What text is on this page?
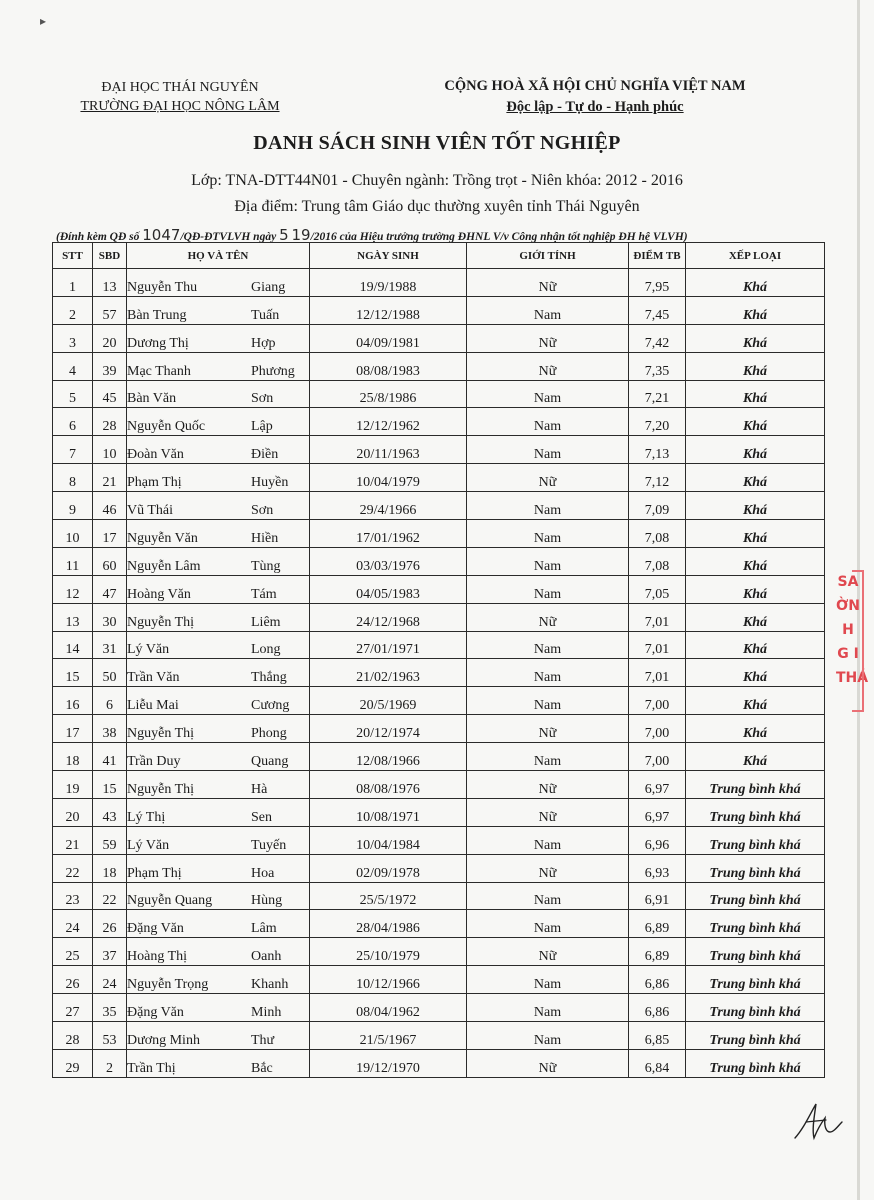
▸
ĐẠI HỌC THÁI NGUYÊN
TRƯỜNG ĐẠI HỌC NÔNG LÂM
CỘNG HOÀ XÃ HỘI CHỦ NGHĨA VIỆT NAM
Độc lập - Tự do - Hạnh phúc
DANH SÁCH SINH VIÊN TỐT NGHIỆP
Lớp: TNA-DTT44N01 - Chuyên ngành: Trồng trọt - Niên khóa: 2012 - 2016
Địa điểm: Trung tâm Giáo dục thường xuyên tỉnh Thái Nguyên
(Đính kèm QĐ số 1047/QĐ-ĐTVLVH ngày 5 19/2016 của Hiệu trưởng trường ĐHNL V/v Công nhận tốt nghiệp ĐH hệ VLVH)
STT	SBD	HỌ VÀ TÊN	NGÀY SINH	GIỚI TÍNH	ĐIỂM TB	XẾP LOẠI
1	13	Nguyễn Thu Giang	19/9/1988	Nữ	7,95	Khá
2	57	Bàn Trung Tuấn	12/12/1988	Nam	7,45	Khá
3	20	Dương Thị Hợp	04/09/1981	Nữ	7,42	Khá
4	39	Mạc Thanh Phương	08/08/1983	Nữ	7,35	Khá
5	45	Bàn Văn Sơn	25/8/1986	Nam	7,21	Khá
6	28	Nguyễn Quốc Lập	12/12/1962	Nam	7,20	Khá
7	10	Đoàn Văn Điền	20/11/1963	Nam	7,13	Khá
8	21	Phạm Thị Huyền	10/04/1979	Nữ	7,12	Khá
9	46	Vũ Thái Sơn	29/4/1966	Nam	7,09	Khá
10	17	Nguyễn Văn Hiền	17/01/1962	Nam	7,08	Khá
11	60	Nguyễn Lâm Tùng	03/03/1976	Nam	7,08	Khá
12	47	Hoàng Văn Tám	04/05/1983	Nam	7,05	Khá
13	30	Nguyễn Thị Liêm	24/12/1968	Nữ	7,01	Khá
14	31	Lý Văn Long	27/01/1971	Nam	7,01	Khá
15	50	Trần Văn Thắng	21/02/1963	Nam	7,01	Khá
16	6	Liễu Mai Cương	20/5/1969	Nam	7,00	Khá
17	38	Nguyễn Thị Phong	20/12/1974	Nữ	7,00	Khá
18	41	Trần Duy Quang	12/08/1966	Nam	7,00	Khá
19	15	Nguyễn Thị Hà	08/08/1976	Nữ	6,97	Trung bình khá
20	43	Lý Thị Sen	10/08/1971	Nữ	6,97	Trung bình khá
21	59	Lý Văn Tuyến	10/04/1984	Nam	6,96	Trung bình khá
22	18	Phạm Thị Hoa	02/09/1978	Nữ	6,93	Trung bình khá
23	22	Nguyễn Quang Hùng	25/5/1972	Nam	6,91	Trung bình khá
24	26	Đặng Văn Lâm	28/04/1986	Nam	6,89	Trung bình khá
25	37	Hoàng Thị Oanh	25/10/1979	Nữ	6,89	Trung bình khá
26	24	Nguyễn Trọng Khanh	10/12/1966	Nam	6,86	Trung bình khá
27	35	Đặng Văn Minh	08/04/1962	Nam	6,86	Trung bình khá
28	53	Dương Minh Thư	21/5/1967	Nam	6,85	Trung bình khá
29	2	Trần Thị Bắc	19/12/1970	Nữ	6,84	Trung bình khá
SA
ỜN
H
G I
THÁ
